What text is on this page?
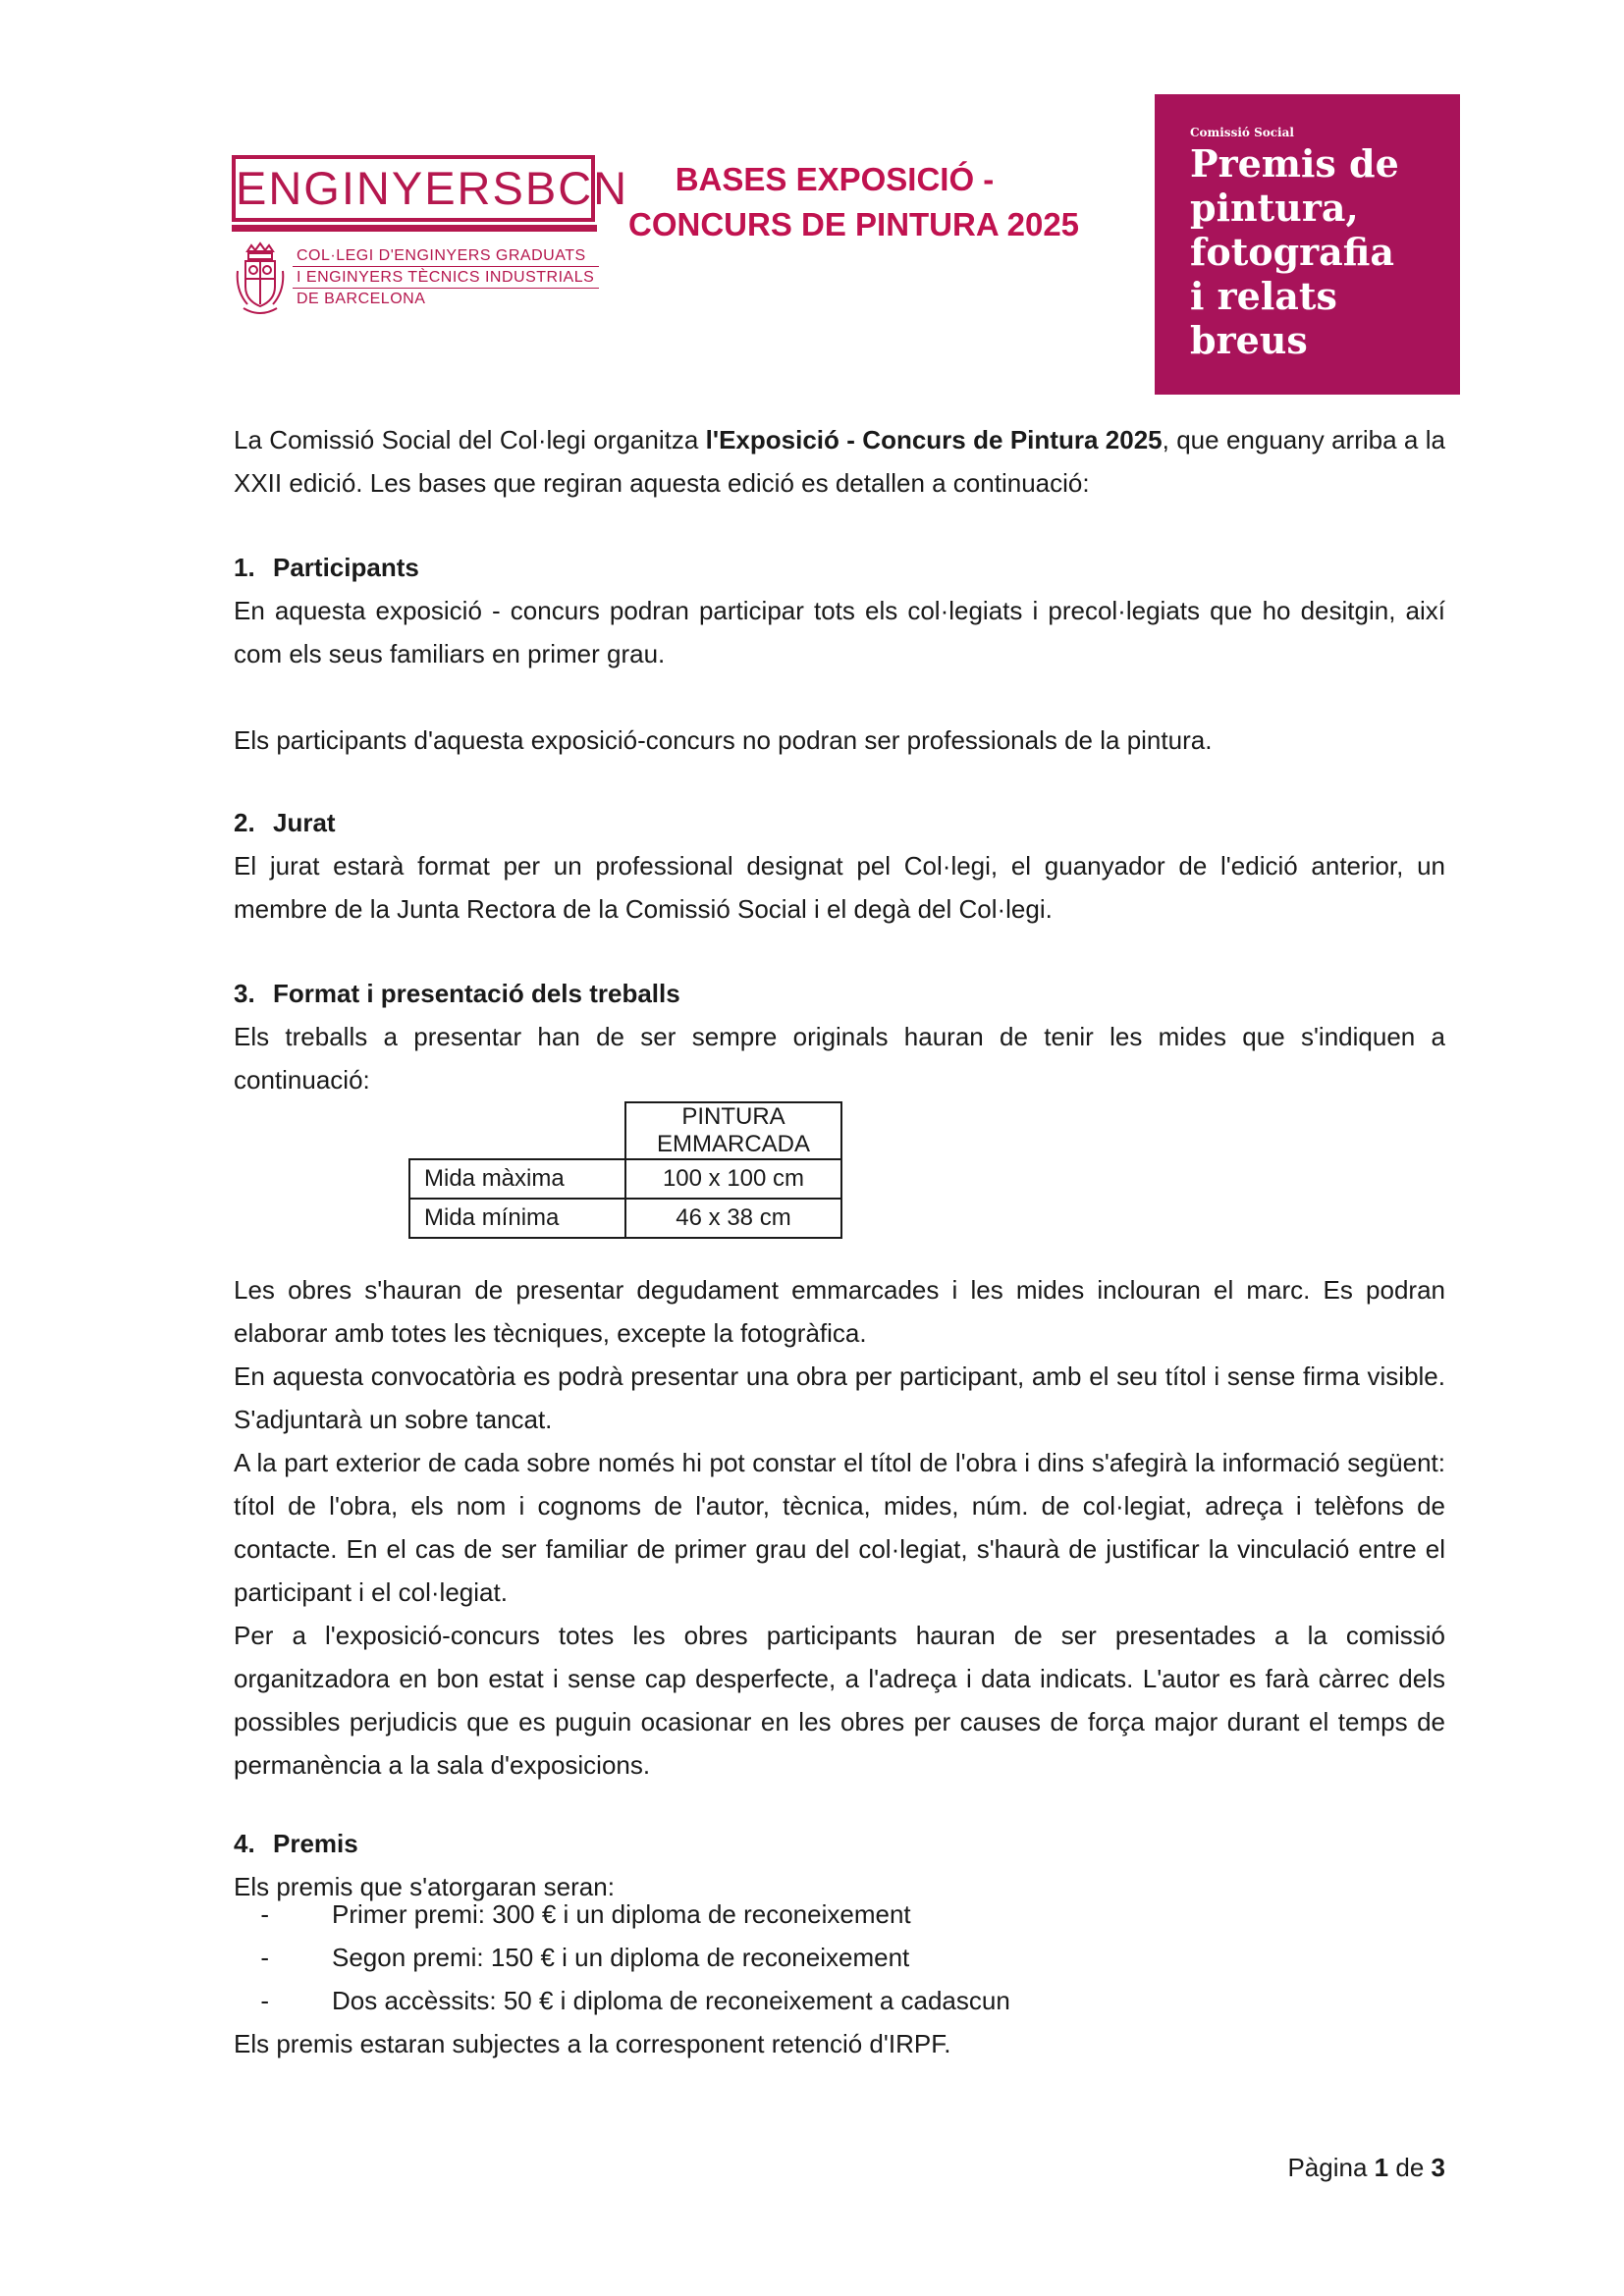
ENGINYERS BCN
COL·LEGI D'ENGINYERS GRADUATS
I ENGINYERS TÈCNICS INDUSTRIALS
DE BARCELONA
BASES EXPOSICIÓ -
CONCURS DE PINTURA 2025
Comissió Social
Premis de
pintura,
fotografia
i relats
breus

La Comissió Social del Col·legi organitza l'Exposició - Concurs de Pintura 2025, que enguany arriba a la XXII edició. Les bases que regiran aquesta edició es detallen a continuació:

1. Participants

En aquesta exposició - concurs podran participar tots els col·legiats i precol·legiats que ho desitgin, així com els seus familiars en primer grau.

Els participants d'aquesta exposició-concurs no podran ser professionals de la pintura.

2. Jurat

El jurat estarà format per un professional designat pel Col·legi, el guanyador de l'edició anterior, un membre de la Junta Rectora de la Comissió Social i el degà del Col·legi.

3. Format i presentació dels treballs

Els treballs a presentar han de ser sempre originals hauran de tenir les mides que s'indiquen a continuació:

	PINTURA EMMARCADA
Mida màxima	100 x 100 cm
Mida mínima	46 x 38 cm

Les obres s'hauran de presentar degudament emmarcades i les mides inclouran el marc. Es podran elaborar amb totes les tècniques, excepte la fotogràfica.

En aquesta convocatòria es podrà presentar una obra per participant, amb el seu títol i sense firma visible. S'adjuntarà un sobre tancat.

A la part exterior de cada sobre només hi pot constar el títol de l'obra i dins s'afegirà la informació següent: títol de l'obra, els nom i cognoms de l'autor, tècnica, mides, núm. de col·legiat, adreça i telèfons de contacte. En el cas de ser familiar de primer grau del col·legiat, s'haurà de justificar la vinculació entre el participant i el col·legiat.

Per a l'exposició-concurs totes les obres participants hauran de ser presentades a la comissió organitzadora en bon estat i sense cap desperfecte, a l'adreça i data indicats. L'autor es farà càrrec dels possibles perjudicis que es puguin ocasionar en les obres per causes de força major durant el temps de permanència a la sala d'exposicions.

4. Premis

Els premis que s'atorgaran seran:

-	Primer premi: 300 € i un diploma de reconeixement
-	Segon premi: 150 € i un diploma de reconeixement
-	Dos accèssits: 50 € i diploma de reconeixement a cadascun

Els premis estaran subjectes a la corresponent retenció d'IRPF.

Pàgina 1 de 3
